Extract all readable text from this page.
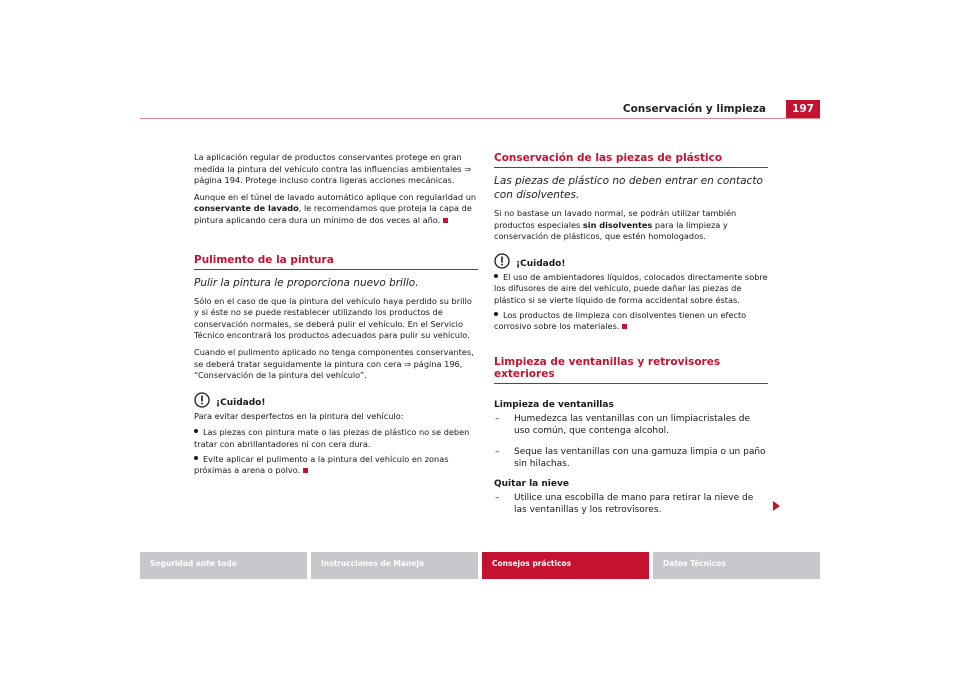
Conservación y limpieza	197

La aplicación regular de productos conservantes protege en gran medida la pintura del vehículo contra las influencias ambientales ⇒ página 194. Protege incluso contra ligeras acciones mecánicas.

Aunque en el túnel de lavado automático aplique con regularidad un conservante de lavado, le recomendamos que proteja la capa de pintura aplicando cera dura un mínimo de dos veces al año.

Pulimento de la pintura
Pulir la pintura le proporciona nuevo brillo.

Sólo en el caso de que la pintura del vehículo haya perdido su brillo y si éste no se puede restablecer utilizando los productos de conservación normales, se deberá pulir el vehículo. En el Servicio Técnico encontrará los productos adecuados para pulir su vehículo.

Cuando el pulimento aplicado no tenga componentes conservantes, se deberá tratar seguidamente la pintura con cera ⇒ página 196, “Conservación de la pintura del vehículo”.

¡Cuidado!

Para evitar desperfectos en la pintura del vehículo:

Las piezas con pintura mate o las piezas de plástico no se deben tratar con abrillantadores ni con cera dura.
Evite aplicar el pulimento a la pintura del vehículo en zonas próximas a arena o polvo.
Conservación de las piezas de plástico
Las piezas de plástico no deben entrar en contacto con disolventes.

Si no bastase un lavado normal, se podrán utilizar también productos especiales sin disolventes para la limpieza y conservación de plásticos, que estén homologados.

¡Cuidado!
El uso de ambientadores líquidos, colocados directamente sobre los difusores de aire del vehículo, puede dañar las piezas de plástico si se vierte líquido de forma accidental sobre éstas.
Los productos de limpieza con disolventes tienen un efecto corrosivo sobre los materiales.
Limpieza de ventanillas y retrovisores exteriores
Limpieza de ventanillas
–	Humedezca las ventanillas con un limpiacristales de uso común, que contenga alcohol.
–	Seque las ventanillas con una gamuza limpia o un paño sin hilachas.
Quitar la nieve
–	Utilice una escobilla de mano para retirar la nieve de las ventanillas y los retrovisores.
Seguridad ante todo	Instrucciones de Manejo	Consejos prácticos	Datos Técnicos
